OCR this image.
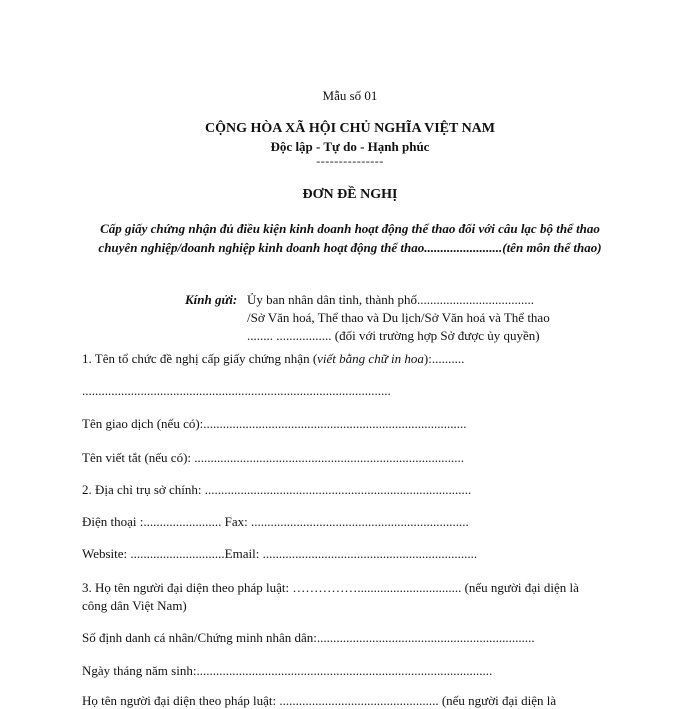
Mẫu số 01
CỘNG HÒA XÃ HỘI CHỦ NGHĨA VIỆT NAM
Độc lập - Tự do - Hạnh phúc
---------------
ĐƠN ĐỀ NGHỊ
Cấp giấy chứng nhận đủ điều kiện kinh doanh hoạt động thể thao đối với câu lạc bộ thể thao chuyên nghiệp/doanh nghiệp kinh doanh hoạt động thể thao........................(tên môn thể thao)
Kính gửi: Ủy ban nhân dân tỉnh, thành phố....................................
/Sở Văn hoá, Thể thao và Du lịch/Sở Văn hoá và Thể thao
........ ................. (đối với trường hợp Sở được ủy quyền)
1. Tên tổ chức đề nghị cấp giấy chứng nhận (viết bằng chữ in hoa):..........
...............................................................................................
Tên giao dịch (nếu có):.................................................................................
Tên viết tắt (nếu có): ...................................................................................
2. Địa chỉ trụ sở chính: ..................................................................................
Điện thoại :........................ Fax: ...................................................................
Website: .............................Email: ..................................................................
3. Họ tên người đại diện theo pháp luật: ……………................................ (nếu người đại diện là
công dân Việt Nam)
Số định danh cá nhân/Chứng minh nhân dân:...................................................................
Ngày tháng năm sinh:...........................................................................................
Họ tên người đại diện theo pháp luật: ................................................. (nếu người đại diện là
